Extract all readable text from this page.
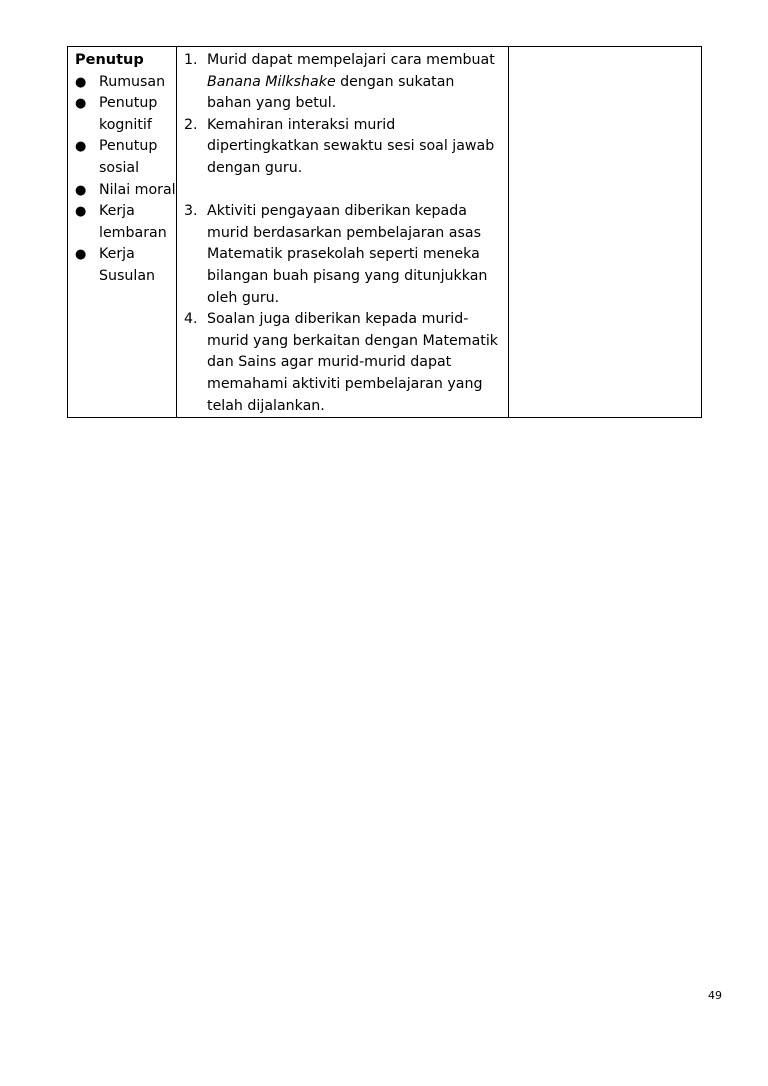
Penutup
● Rumusan
● Penutup kognitif
● Penutup sosial
● Nilai moral
● Kerja lembaran
● Kerja Susulan

1. Murid dapat mempelajari cara membuat Banana Milkshake dengan sukatan bahan yang betul.
2. Kemahiran interaksi murid dipertingkatkan sewaktu sesi soal jawab dengan guru.
3. Aktiviti pengayaan diberikan kepada murid berdasarkan pembelajaran asas Matematik prasekolah seperti meneka bilangan buah pisang yang ditunjukkan oleh guru.
4. Soalan juga diberikan kepada murid-murid yang berkaitan dengan Matematik dan Sains agar murid-murid dapat memahami aktiviti pembelajaran yang telah dijalankan.

49
